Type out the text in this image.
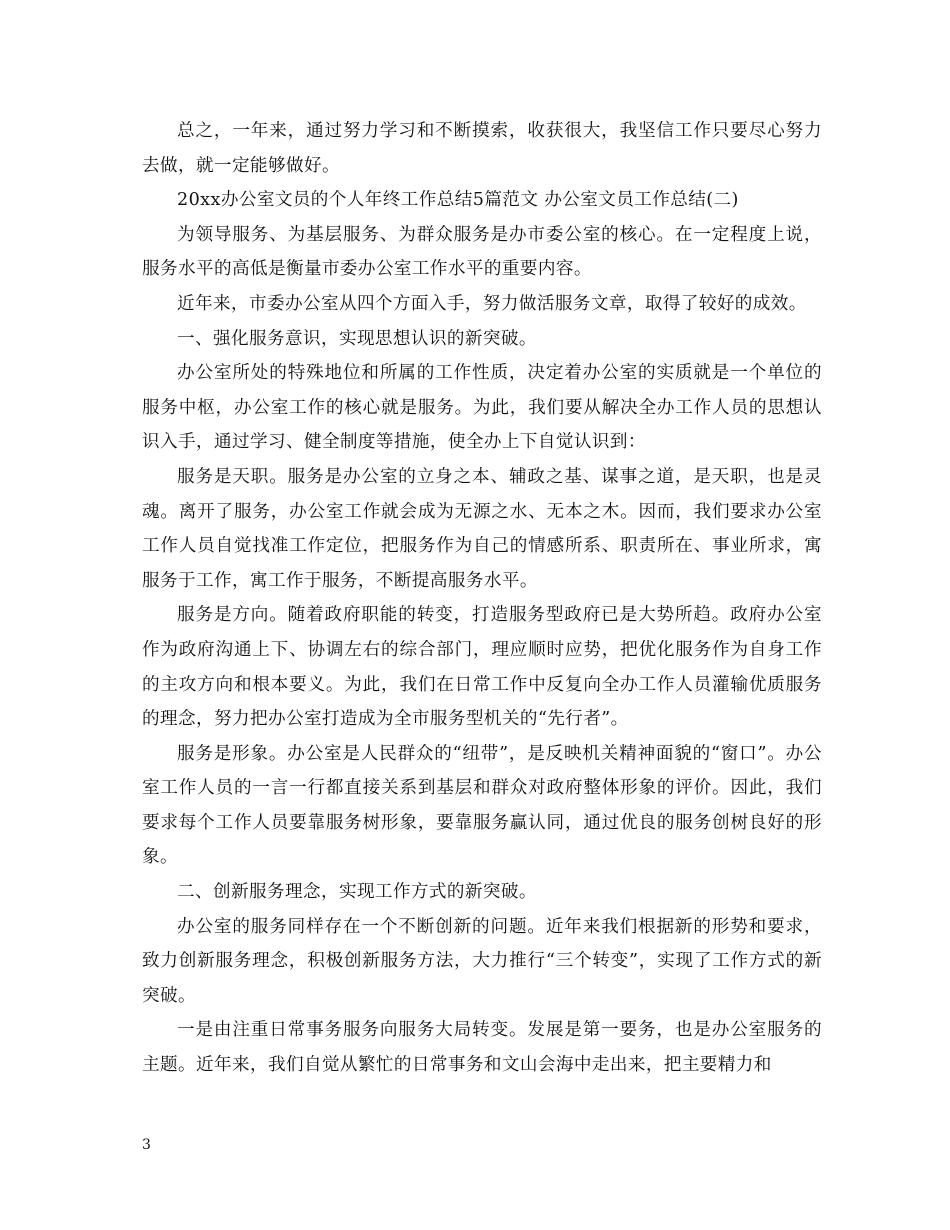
总之，一年来，通过努力学习和不断摸索，收获很大，我坚信工作只要尽心努力去做，就一定能够做好。

20xx办公室文员的个人年终工作总结5篇范文 办公室文员工作总结(二)

为领导服务、为基层服务、为群众服务是办市委公室的核心。在一定程度上说，服务水平的高低是衡量市委办公室工作水平的重要内容。

近年来，市委办公室从四个方面入手，努力做活服务文章，取得了较好的成效。

一、强化服务意识，实现思想认识的新突破。

办公室所处的特殊地位和所属的工作性质，决定着办公室的实质就是一个单位的服务中枢，办公室工作的核心就是服务。为此，我们要从解决全办工作人员的思想认识入手，通过学习、健全制度等措施，使全办上下自觉认识到：

服务是天职。服务是办公室的立身之本、辅政之基、谋事之道，是天职，也是灵魂。离开了服务，办公室工作就会成为无源之水、无本之木。因而，我们要求办公室工作人员自觉找准工作定位，把服务作为自己的情感所系、职责所在、事业所求，寓服务于工作，寓工作于服务，不断提高服务水平。

服务是方向。随着政府职能的转变，打造服务型政府已是大势所趋。政府办公室作为政府沟通上下、协调左右的综合部门，理应顺时应势，把优化服务作为自身工作的主攻方向和根本要义。为此，我们在日常工作中反复向全办工作人员灌输优质服务的理念，努力把办公室打造成为全市服务型机关的“先行者”。

服务是形象。办公室是人民群众的“纽带”，是反映机关精神面貌的“窗口”。办公室工作人员的一言一行都直接关系到基层和群众对政府整体形象的评价。因此，我们要求每个工作人员要靠服务树形象，要靠服务赢认同，通过优良的服务创树良好的形象。

二、创新服务理念，实现工作方式的新突破。

办公室的服务同样存在一个不断创新的问题。近年来我们根据新的形势和要求，致力创新服务理念，积极创新服务方法，大力推行“三个转变”，实现了工作方式的新突破。

一是由注重日常事务服务向服务大局转变。发展是第一要务，也是办公室服务的主题。近年来，我们自觉从繁忙的日常事务和文山会海中走出来，把主要精力和

3
